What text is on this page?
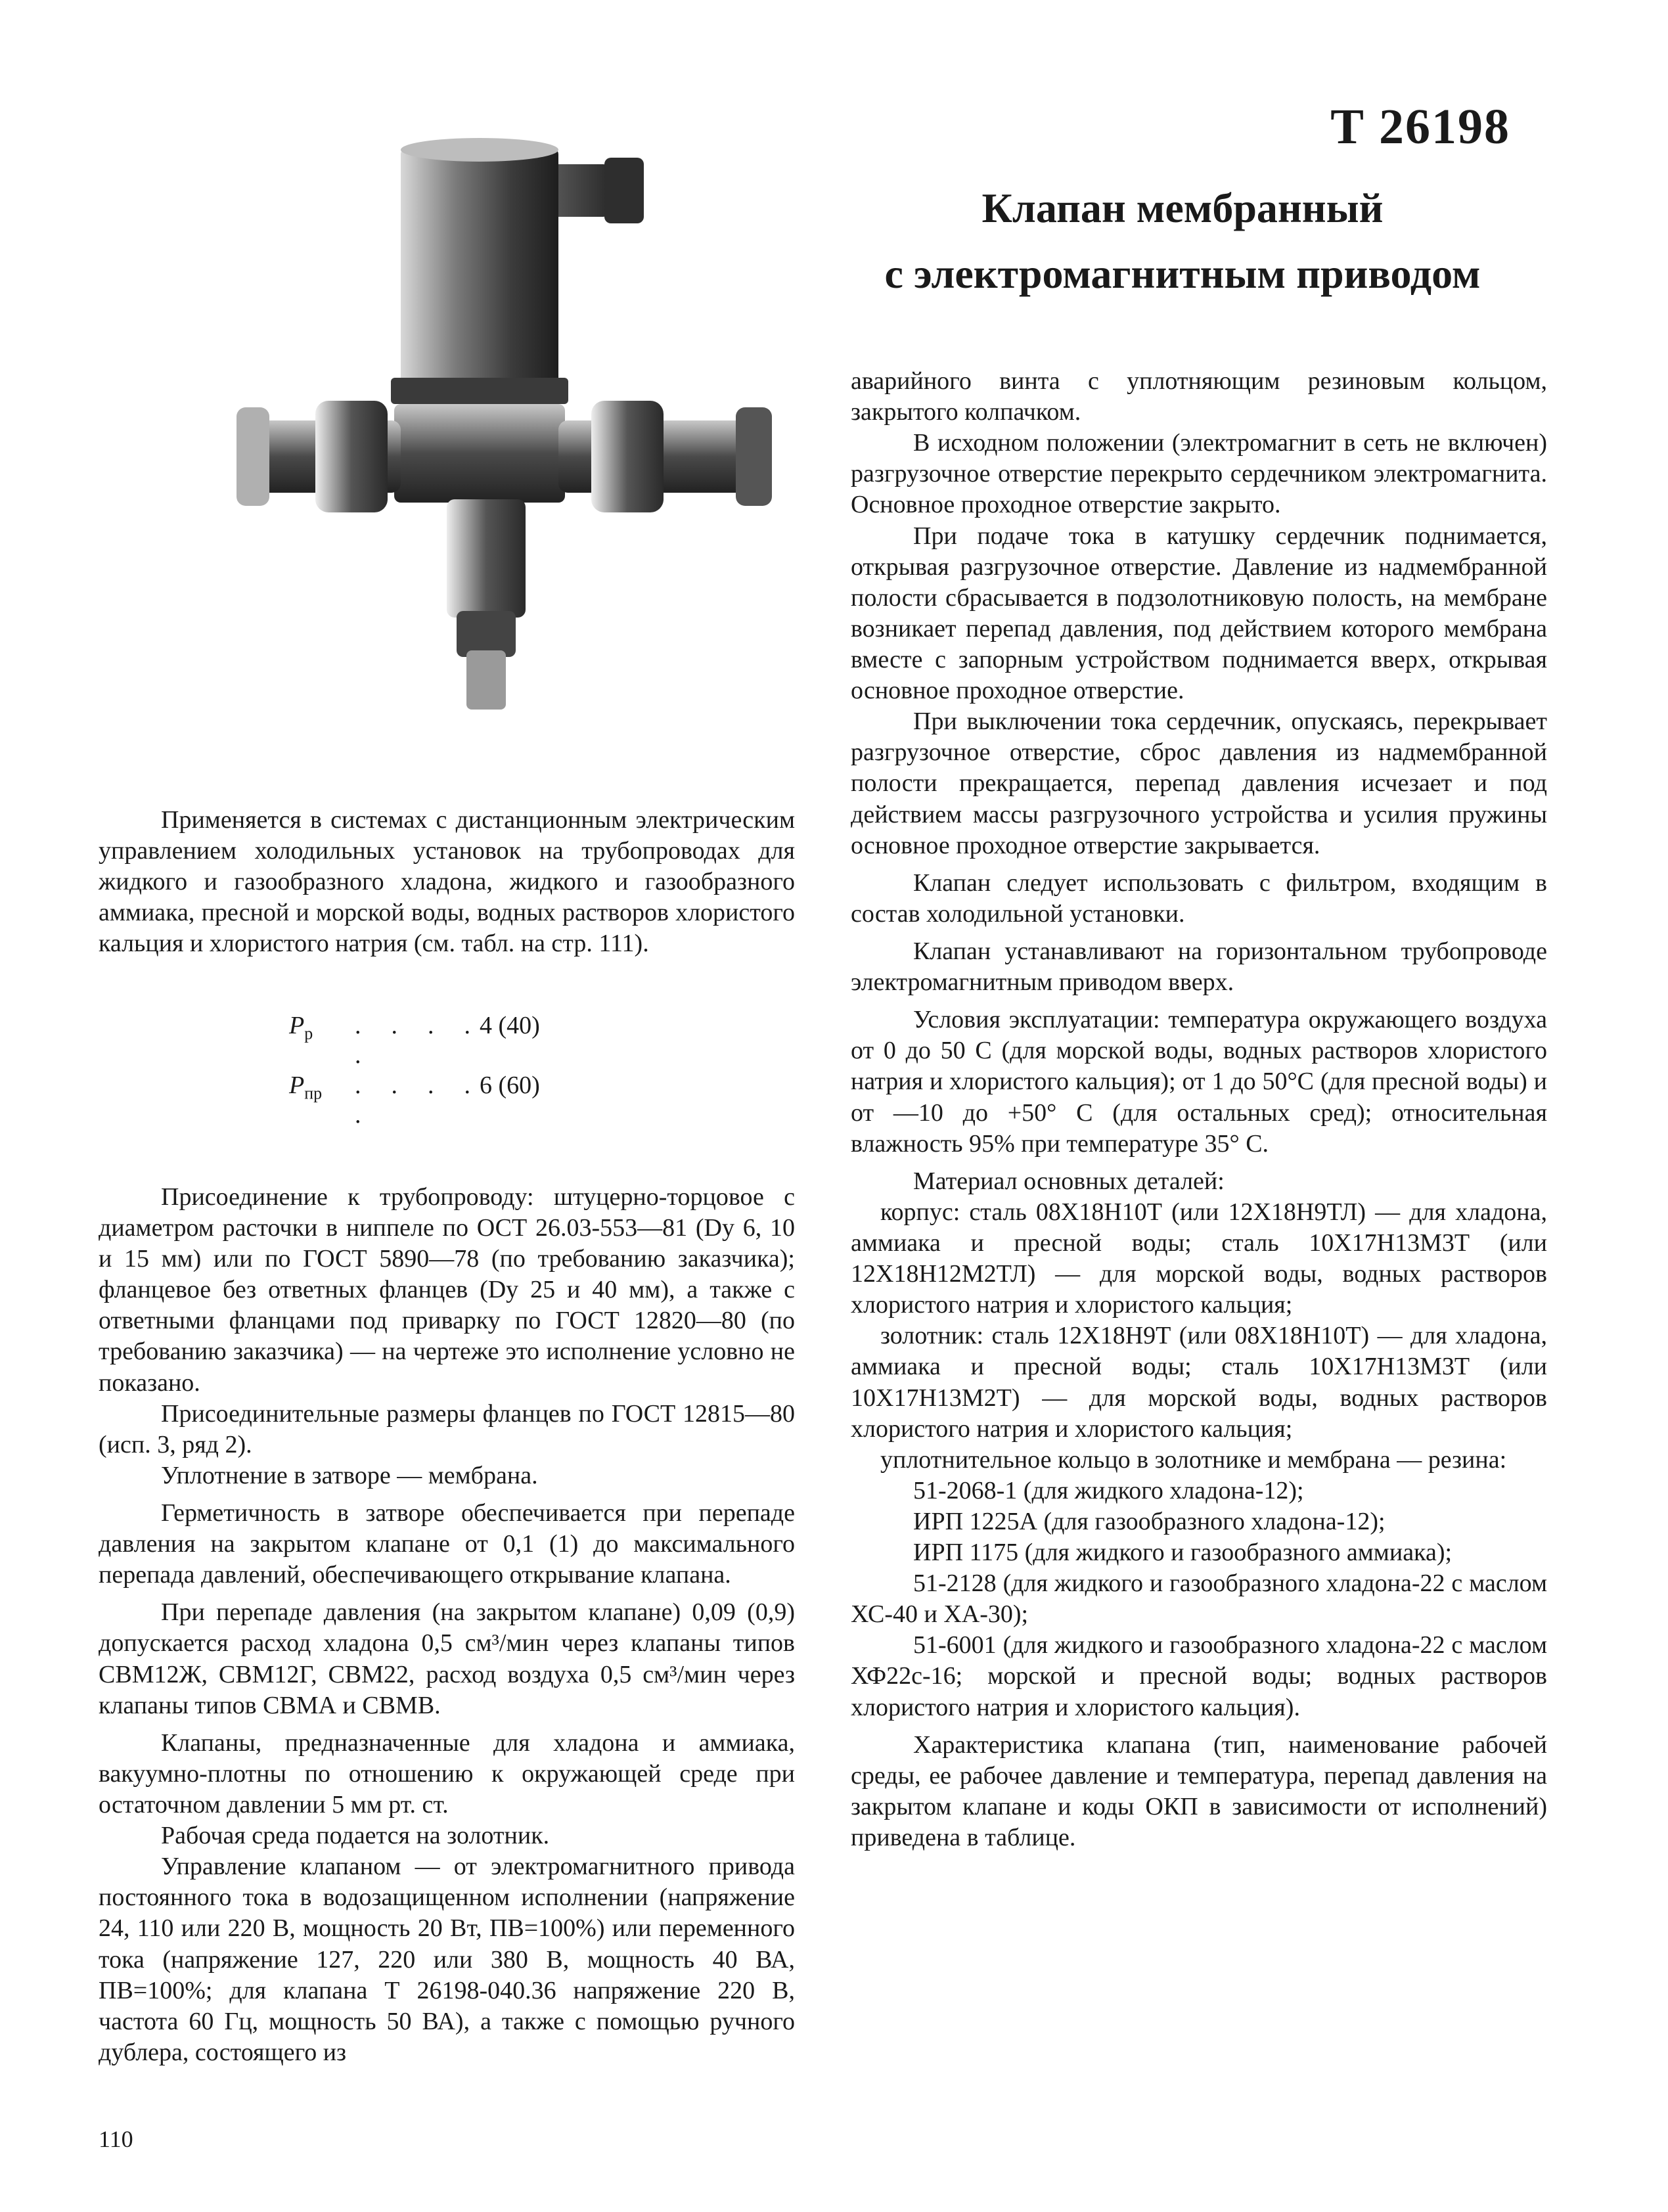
Т 26198
Клапан мембранный
с электромагнитным приводом

Применяется в системах с дистанционным электрическим управлением холодильных установок на трубопроводах для жидкого и газообразного хладона, жидкого и газообразного аммиака, пресной и морской воды, водных растворов хлористого кальция и хлористого натрия (см. табл. на стр. 111).

$P_р$	. . . . .
4 (40)
$P_{пр}$	. . . . .
6 (60)

Присоединение к трубопроводу: штуцерно-торцовое с диаметром расточки в ниппеле по ОСТ 26.03-553—81 (Dу 6, 10 и 15 мм) или по ГОСТ 5890—78 (по требованию заказчика); фланцевое без ответных фланцев (Dу 25 и 40 мм), а также с ответными фланцами под приварку по ГОСТ 12820—80 (по требованию заказчика) — на чертеже это исполнение условно не показано.

Присоединительные размеры фланцев по ГОСТ 12815—80 (исп. 3, ряд 2).

Уплотнение в затворе — мембрана.

Герметичность в затворе обеспечивается при перепаде давления на закрытом клапане от 0,1 (1) до максимального перепада давлений, обеспечивающего открывание клапана.

При перепаде давления (на закрытом клапане) 0,09 (0,9) допускается расход хладона 0,5 см³/мин через клапаны типов СВМ12Ж, СВМ12Г, СВМ22, расход воздуха 0,5 см³/мин через клапаны типов СВМА и СВМВ.

Клапаны, предназначенные для хладона и аммиака, вакуумно-плотны по отношению к окружающей среде при остаточном давлении 5 мм рт. ст.

Рабочая среда подается на золотник.

Управление клапаном — от электромагнитного привода постоянного тока в водозащищенном исполнении (напряжение 24, 110 или 220 В, мощность 20 Вт, ПВ=100%) или переменного тока (напряжение 127, 220 или 380 В, мощность 40 ВА, ПВ=100%; для клапана Т 26198-040.36 напряжение 220 В, частота 60 Гц, мощность 50 ВА), а также с помощью ручного дублера, состоящего из

аварийного винта с уплотняющим резиновым кольцом, закрытого колпачком.

В исходном положении (электромагнит в сеть не включен) разгрузочное отверстие перекрыто сердечником электромагнита. Основное проходное отверстие закрыто.

При подаче тока в катушку сердечник поднимается, открывая разгрузочное отверстие. Давление из надмембранной полости сбрасывается в подзолотниковую полость, на мембране возникает перепад давления, под действием которого мембрана вместе с запорным устройством поднимается вверх, открывая основное проходное отверстие.

При выключении тока сердечник, опускаясь, перекрывает разгрузочное отверстие, сброс давления из надмембранной полости прекращается, перепад давления исчезает и под действием массы разгрузочного устройства и усилия пружины основное проходное отверстие закрывается.

Клапан следует использовать с фильтром, входящим в состав холодильной установки.

Клапан устанавливают на горизонтальном трубопроводе электромагнитным приводом вверх.

Условия эксплуатации: температура окружающего воздуха от 0 до 50 С (для морской воды, водных растворов хлористого натрия и хлористого кальция); от 1 до 50°С (для пресной воды) и от —10 до +50° С (для остальных сред); относительная влажность 95% при температуре 35° С.

Материал основных деталей:

корпус: сталь 08Х18Н10Т (или 12Х18Н9ТЛ) — для хладона, аммиака и пресной воды; сталь 10Х17Н13М3Т (или 12Х18Н12М2ТЛ) — для морской воды, водных растворов хлористого натрия и хлористого кальция;

золотник: сталь 12Х18Н9Т (или 08Х18Н10Т) — для хладона, аммиака и пресной воды; сталь 10Х17Н13М3Т (или 10Х17Н13М2Т) — для морской воды, водных растворов хлористого натрия и хлористого кальция;

уплотнительное кольцо в золотнике и мембрана — резина:

51-2068-1 (для жидкого хладона-12);

ИРП 1225А (для газообразного хладона-12);

ИРП 1175 (для жидкого и газообразного аммиака);

51-2128 (для жидкого и газообразного хладона-22 с маслом ХС-40 и ХА-30);

51-6001 (для жидкого и газообразного хладона-22 с маслом ХФ22с-16; морской и пресной воды; водных растворов хлористого натрия и хлористого кальция).

Характеристика клапана (тип, наименование рабочей среды, ее рабочее давление и температура, перепад давления на закрытом клапане и коды ОКП в зависимости от исполнений) приведена в таблице.

110
